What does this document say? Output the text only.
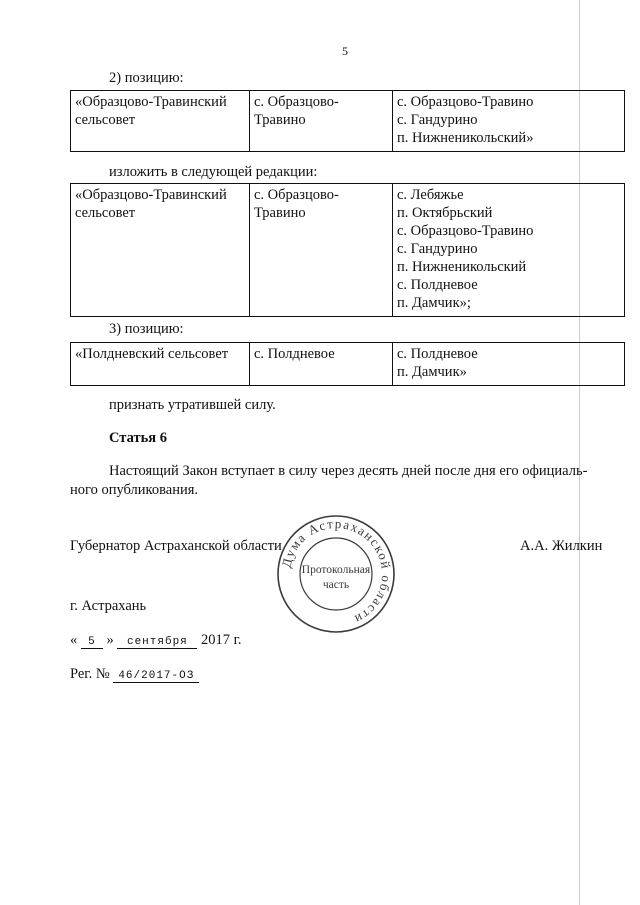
5
2) позицию:
«Образцово-Травинский
сельсовет

с. Образцово-
Травино

с. Образцово-Травино
с. Гандурино
п. Нижненикольский»
изложить в следующей редакции:
«Образцово-Травинский
сельсовет

с. Образцово-
Травино

с. Лебяжье
п. Октябрьский
с. Образцово-Травино
с. Гандурино
п. Нижненикольский
с. Полдневое
п. Дамчик»;
3) позицию:
«Полдневский сельсовет	с. Полдневое	с. Полдневое
п. Дамчик»
признать утратившей силу.
Статья 6
Настоящий Закон вступает в силу через десять дней после дня его официаль-
ного опубликования.
Губернатор Астраханской области	А.А. Жилкин
Дума Астраханской области
Протокольная
часть
г. Астрахань
« 5 » сентября 2017 г.
Рег. № 46/2017-ОЗ
